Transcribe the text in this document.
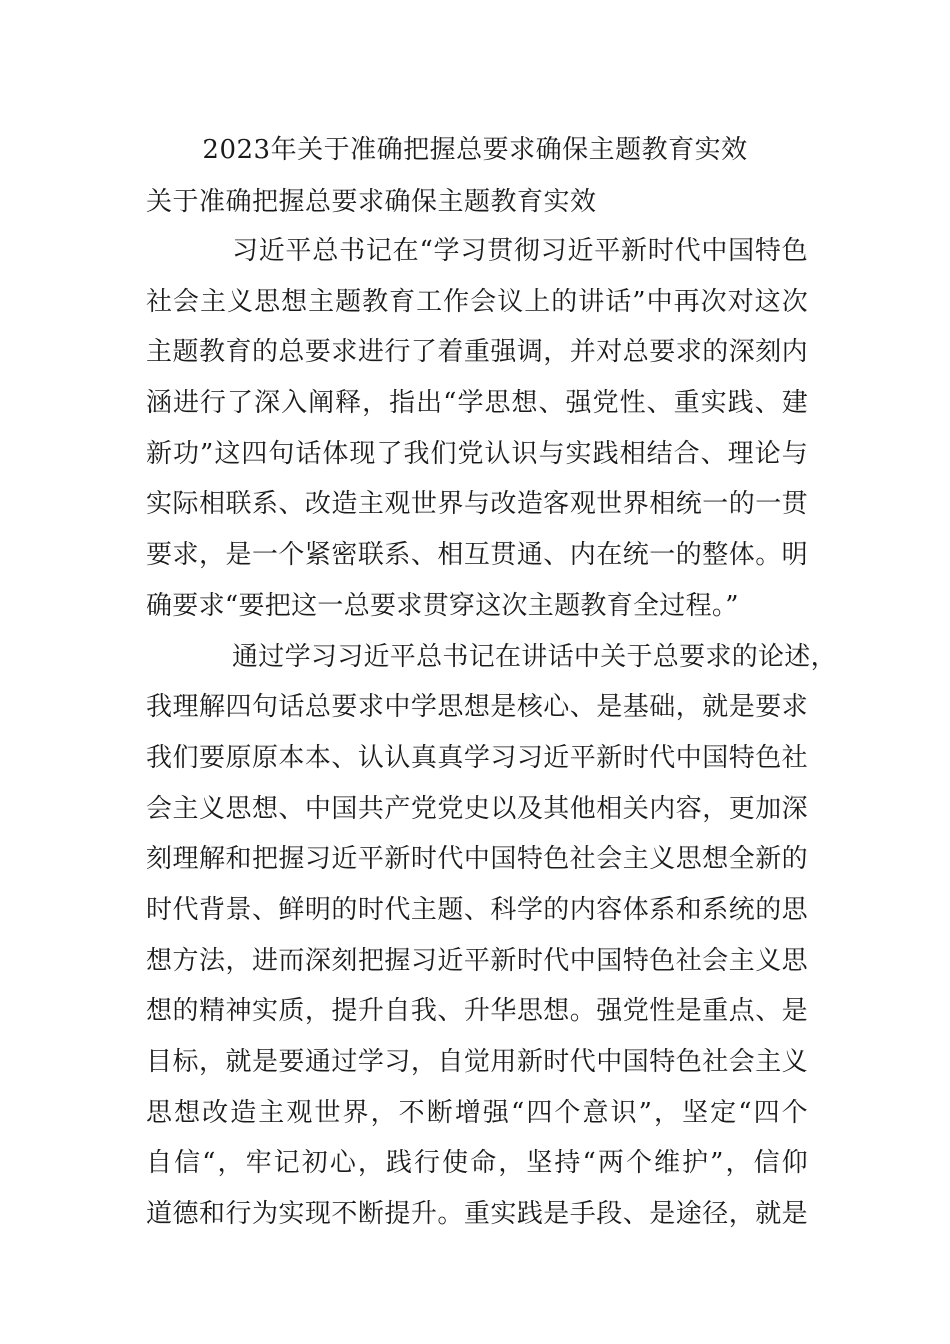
2023年关于准确把握总要求确保主题教育实效
关于准确把握总要求确保主题教育实效
习近平总书记在“学习贯彻习近平新时代中国特色
社会主义思想主题教育工作会议上的讲话”中再次对这次
主题教育的总要求进行了着重强调，并对总要求的深刻内
涵进行了深入阐释，指出“学思想、强党性、重实践、建
新功”这四句话体现了我们党认识与实践相结合、理论与
实际相联系、改造主观世界与改造客观世界相统一的一贯
要求，是一个紧密联系、相互贯通、内在统一的整体。明
确要求“要把这一总要求贯穿这次主题教育全过程。”
通过学习习近平总书记在讲话中关于总要求的论述，
我理解四句话总要求中学思想是核心、是基础，就是要求
我们要原原本本、认认真真学习习近平新时代中国特色社
会主义思想、中国共产党党史以及其他相关内容，更加深
刻理解和把握习近平新时代中国特色社会主义思想全新的
时代背景、鲜明的时代主题、科学的内容体系和系统的思
想方法，进而深刻把握习近平新时代中国特色社会主义思
想的精神实质，提升自我、升华思想。强党性是重点、是
目标，就是要通过学习，自觉用新时代中国特色社会主义
思想改造主观世界，不断增强“四个意识”，坚定“四个
自信“，牢记初心，践行使命，坚持“两个维护”，信仰
道德和行为实现不断提升。重实践是手段、是途径，就是
